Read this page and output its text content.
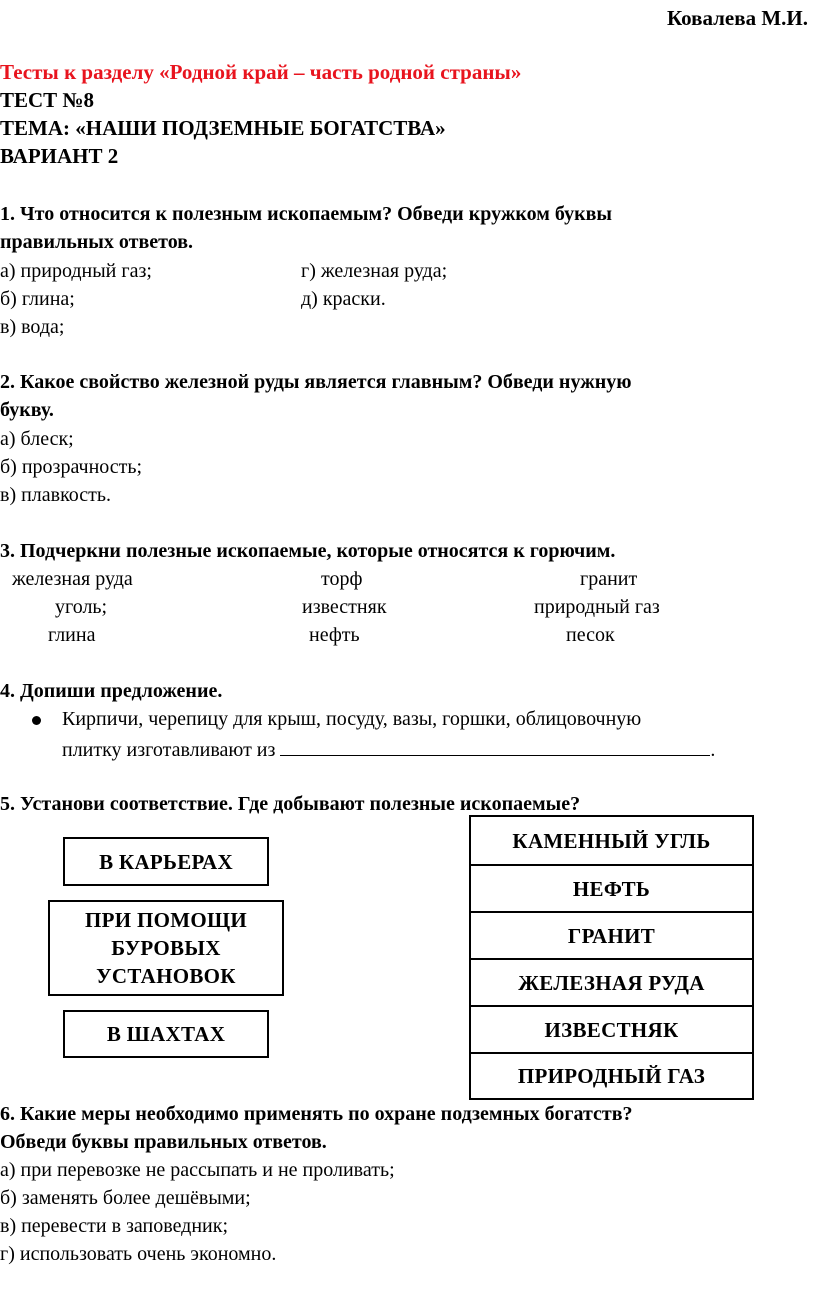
Ковалева М.И.
Тесты к разделу «Родной край – часть родной страны»
ТЕСТ №8
ТЕМА: «НАШИ ПОДЗЕМНЫЕ БОГАТСТВА»
ВАРИАНТ 2
1. Что относится к полезным ископаемым? Обведи кружком буквы
правильных ответов.
а) природный газ;
б) глина;
в) вода;
г) железная руда;
д) краски.
2. Какое свойство железной руды является главным? Обведи нужную
букву.
а) блеск;
б) прозрачность;
в) плавкость.
3. Подчеркни полезные ископаемые, которые относятся к горючим.
железная руда	торф	гранит
уголь;	известняк	природный газ
глина	нефть	песок
4. Допиши предложение.
Кирпичи, черепицу для крыш, посуду, вазы, горшки, облицовочную
плитку изготавливают из	.
5. Установи соответствие. Где добывают полезные ископаемые?
В КАРЬЕРАХ
ПРИ ПОМОЩИ
БУРОВЫХ
УСТАНОВОК
В ШАХТАХ
КАМЕННЫЙ УГЛЬ
НЕФТЬ
ГРАНИТ
ЖЕЛЕЗНАЯ РУДА
ИЗВЕСТНЯК
ПРИРОДНЫЙ ГАЗ
6. Какие меры необходимо применять по охране подземных богатств?
Обведи буквы правильных ответов.
а) при перевозке не рассыпать и не проливать;
б) заменять более дешёвыми;
в) перевести в заповедник;
г) использовать очень экономно.
